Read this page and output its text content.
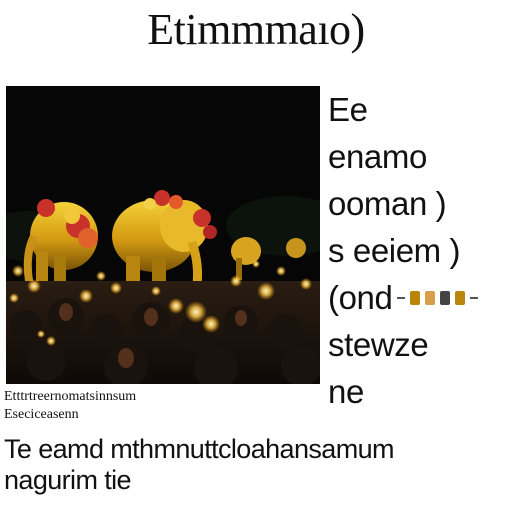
Etimmmaıo)
Ee
enamo
ooman )
s eeiem )
(ond
stewze
ne
Etttrtreernomatsinnsum
Eseciceasenn
Te eamd mthmnuttcloahansamum
nagurim tie
